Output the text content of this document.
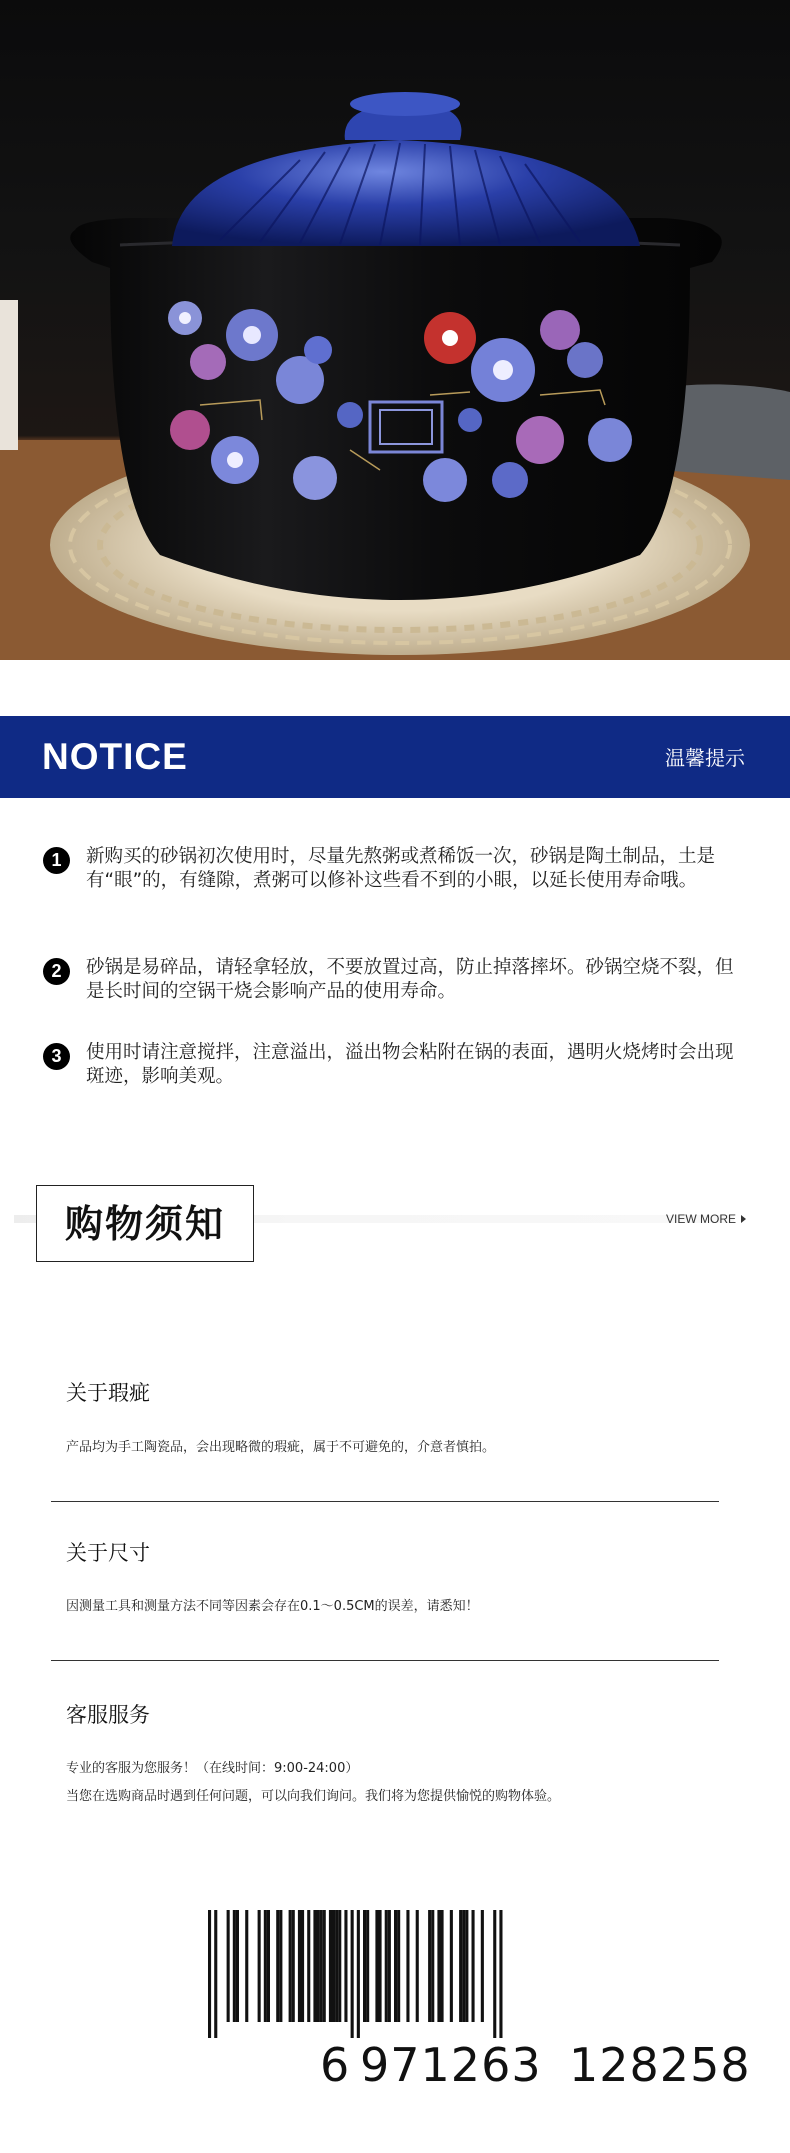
NOTICE	温馨提示
1	新购买的砂锅初次使用时，尽量先熬粥或煮稀饭一次，砂锅是陶土制品，土是有“眼”的，有缝隙，煮粥可以修补这些看不到的小眼，以延长使用寿命哦。
2	砂锅是易碎品，请轻拿轻放，不要放置过高，防止掉落摔坏。砂锅空烧不裂，但是长时间的空锅干烧会影响产品的使用寿命。
3	使用时请注意搅拌，注意溢出，溢出物会粘附在锅的表面，遇明火烧烤时会出现斑迹，影响美观。
购物须知	VIEW MORE
关于瑕疵
产品均为手工陶瓷品，会出现略微的瑕疵，属于不可避免的，介意者慎拍。
关于尺寸
因测量工具和测量方法不同等因素会存在0.1～0.5CM的误差，请悉知！
客服服务
专业的客服为您服务！（在线时间：9:00-24:00）
当您在选购商品时遇到任何问题，可以向我们询问。我们将为您提供愉悦的购物体验。
6 971263 128258
